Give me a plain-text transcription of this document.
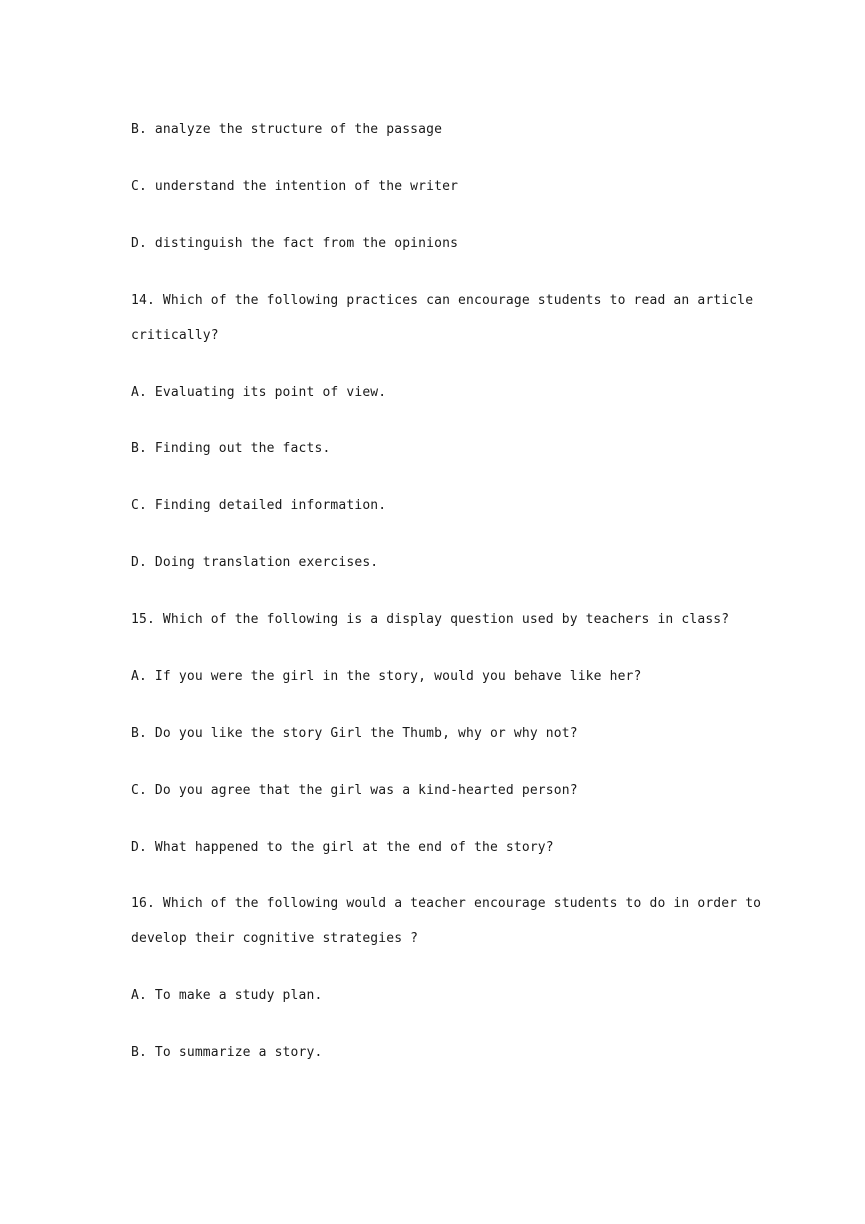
B. analyze the structure of the passage

C. understand the intention of the writer

D. distinguish the fact from the opinions

14. Which of the following practices can encourage students to read an article

critically?

A. Evaluating its point of view.

B. Finding out the facts.

C. Finding detailed information.

D. Doing translation exercises.

15. Which of the following is a display question used by teachers in class?

A. If you were the girl in the story, would you behave like her?

B. Do you like the story Girl the Thumb, why or why not?

C. Do you agree that the girl was a kind-hearted person?

D. What happened to the girl at the end of the story?

16. Which of the following would a teacher encourage students to do in order to

develop their cognitive strategies ?

A. To make a study plan.

B. To summarize a story.
